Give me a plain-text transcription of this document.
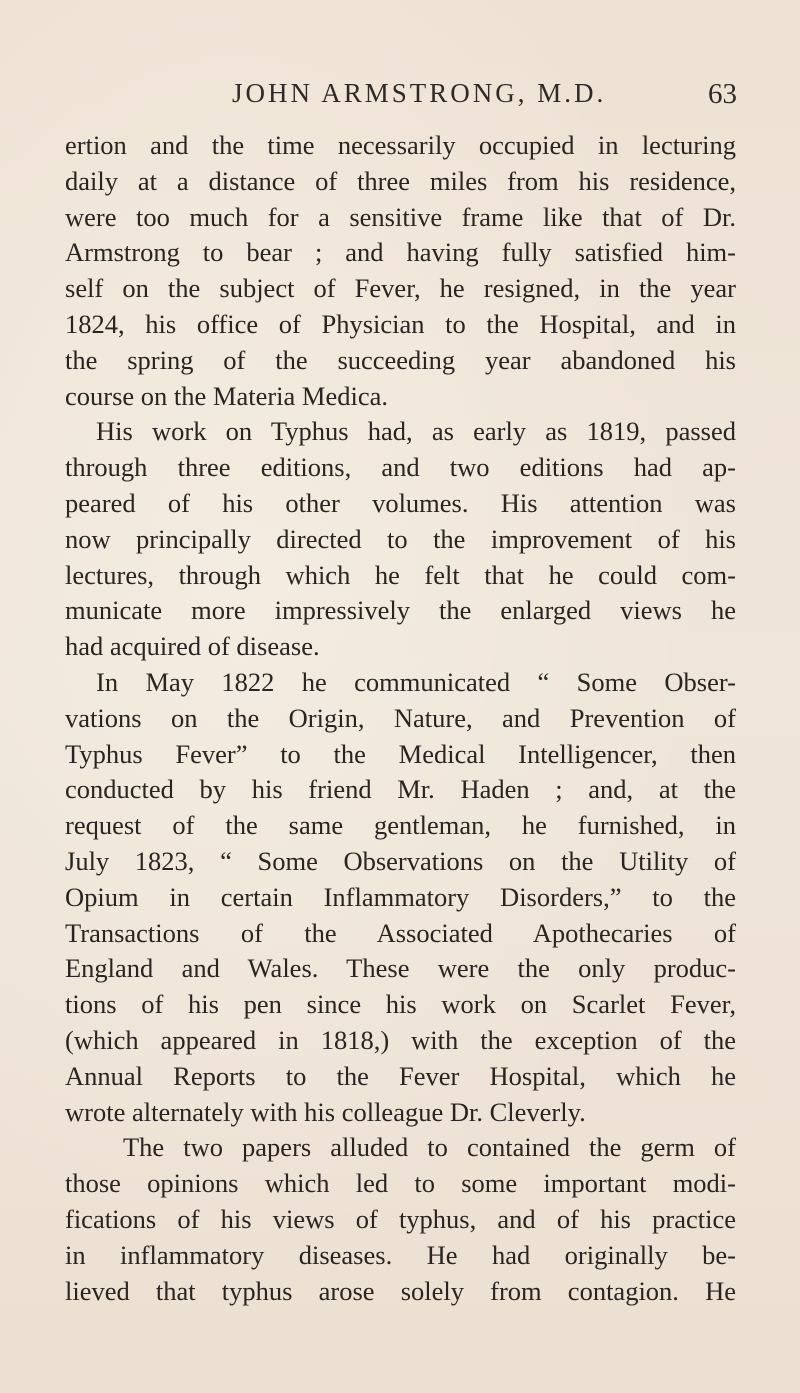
JOHN ARMSTRONG, M.D.	63
ertion and the time necessarily occupied in lecturing
daily at a distance of three miles from his residence,
were too much for a sensitive frame like that of Dr.
Armstrong to bear ; and having fully satisfied him-
self on the subject of Fever, he resigned, in the year
1824, his office of Physician to the Hospital, and in
the spring of the succeeding year abandoned his
course on the Materia Medica.
His work on Typhus had, as early as 1819, passed
through three editions, and two editions had ap-
peared of his other volumes. His attention was
now principally directed to the improvement of his
lectures, through which he felt that he could com-
municate more impressively the enlarged views he
had acquired of disease.
In May 1822 he communicated “ Some Obser-
vations on the Origin, Nature, and Prevention of
Typhus Fever” to the Medical Intelligencer, then
conducted by his friend Mr. Haden ; and, at the
request of the same gentleman, he furnished, in
July 1823, “ Some Observations on the Utility of
Opium in certain Inflammatory Disorders,” to the
Transactions of the Associated Apothecaries of
England and Wales. These were the only produc-
tions of his pen since his work on Scarlet Fever,
(which appeared in 1818,) with the exception of the
Annual Reports to the Fever Hospital, which he
wrote alternately with his colleague Dr. Cleverly.
The two papers alluded to contained the germ of
those opinions which led to some important modi-
fications of his views of typhus, and of his practice
in inflammatory diseases. He had originally be-
lieved that typhus arose solely from contagion. He
